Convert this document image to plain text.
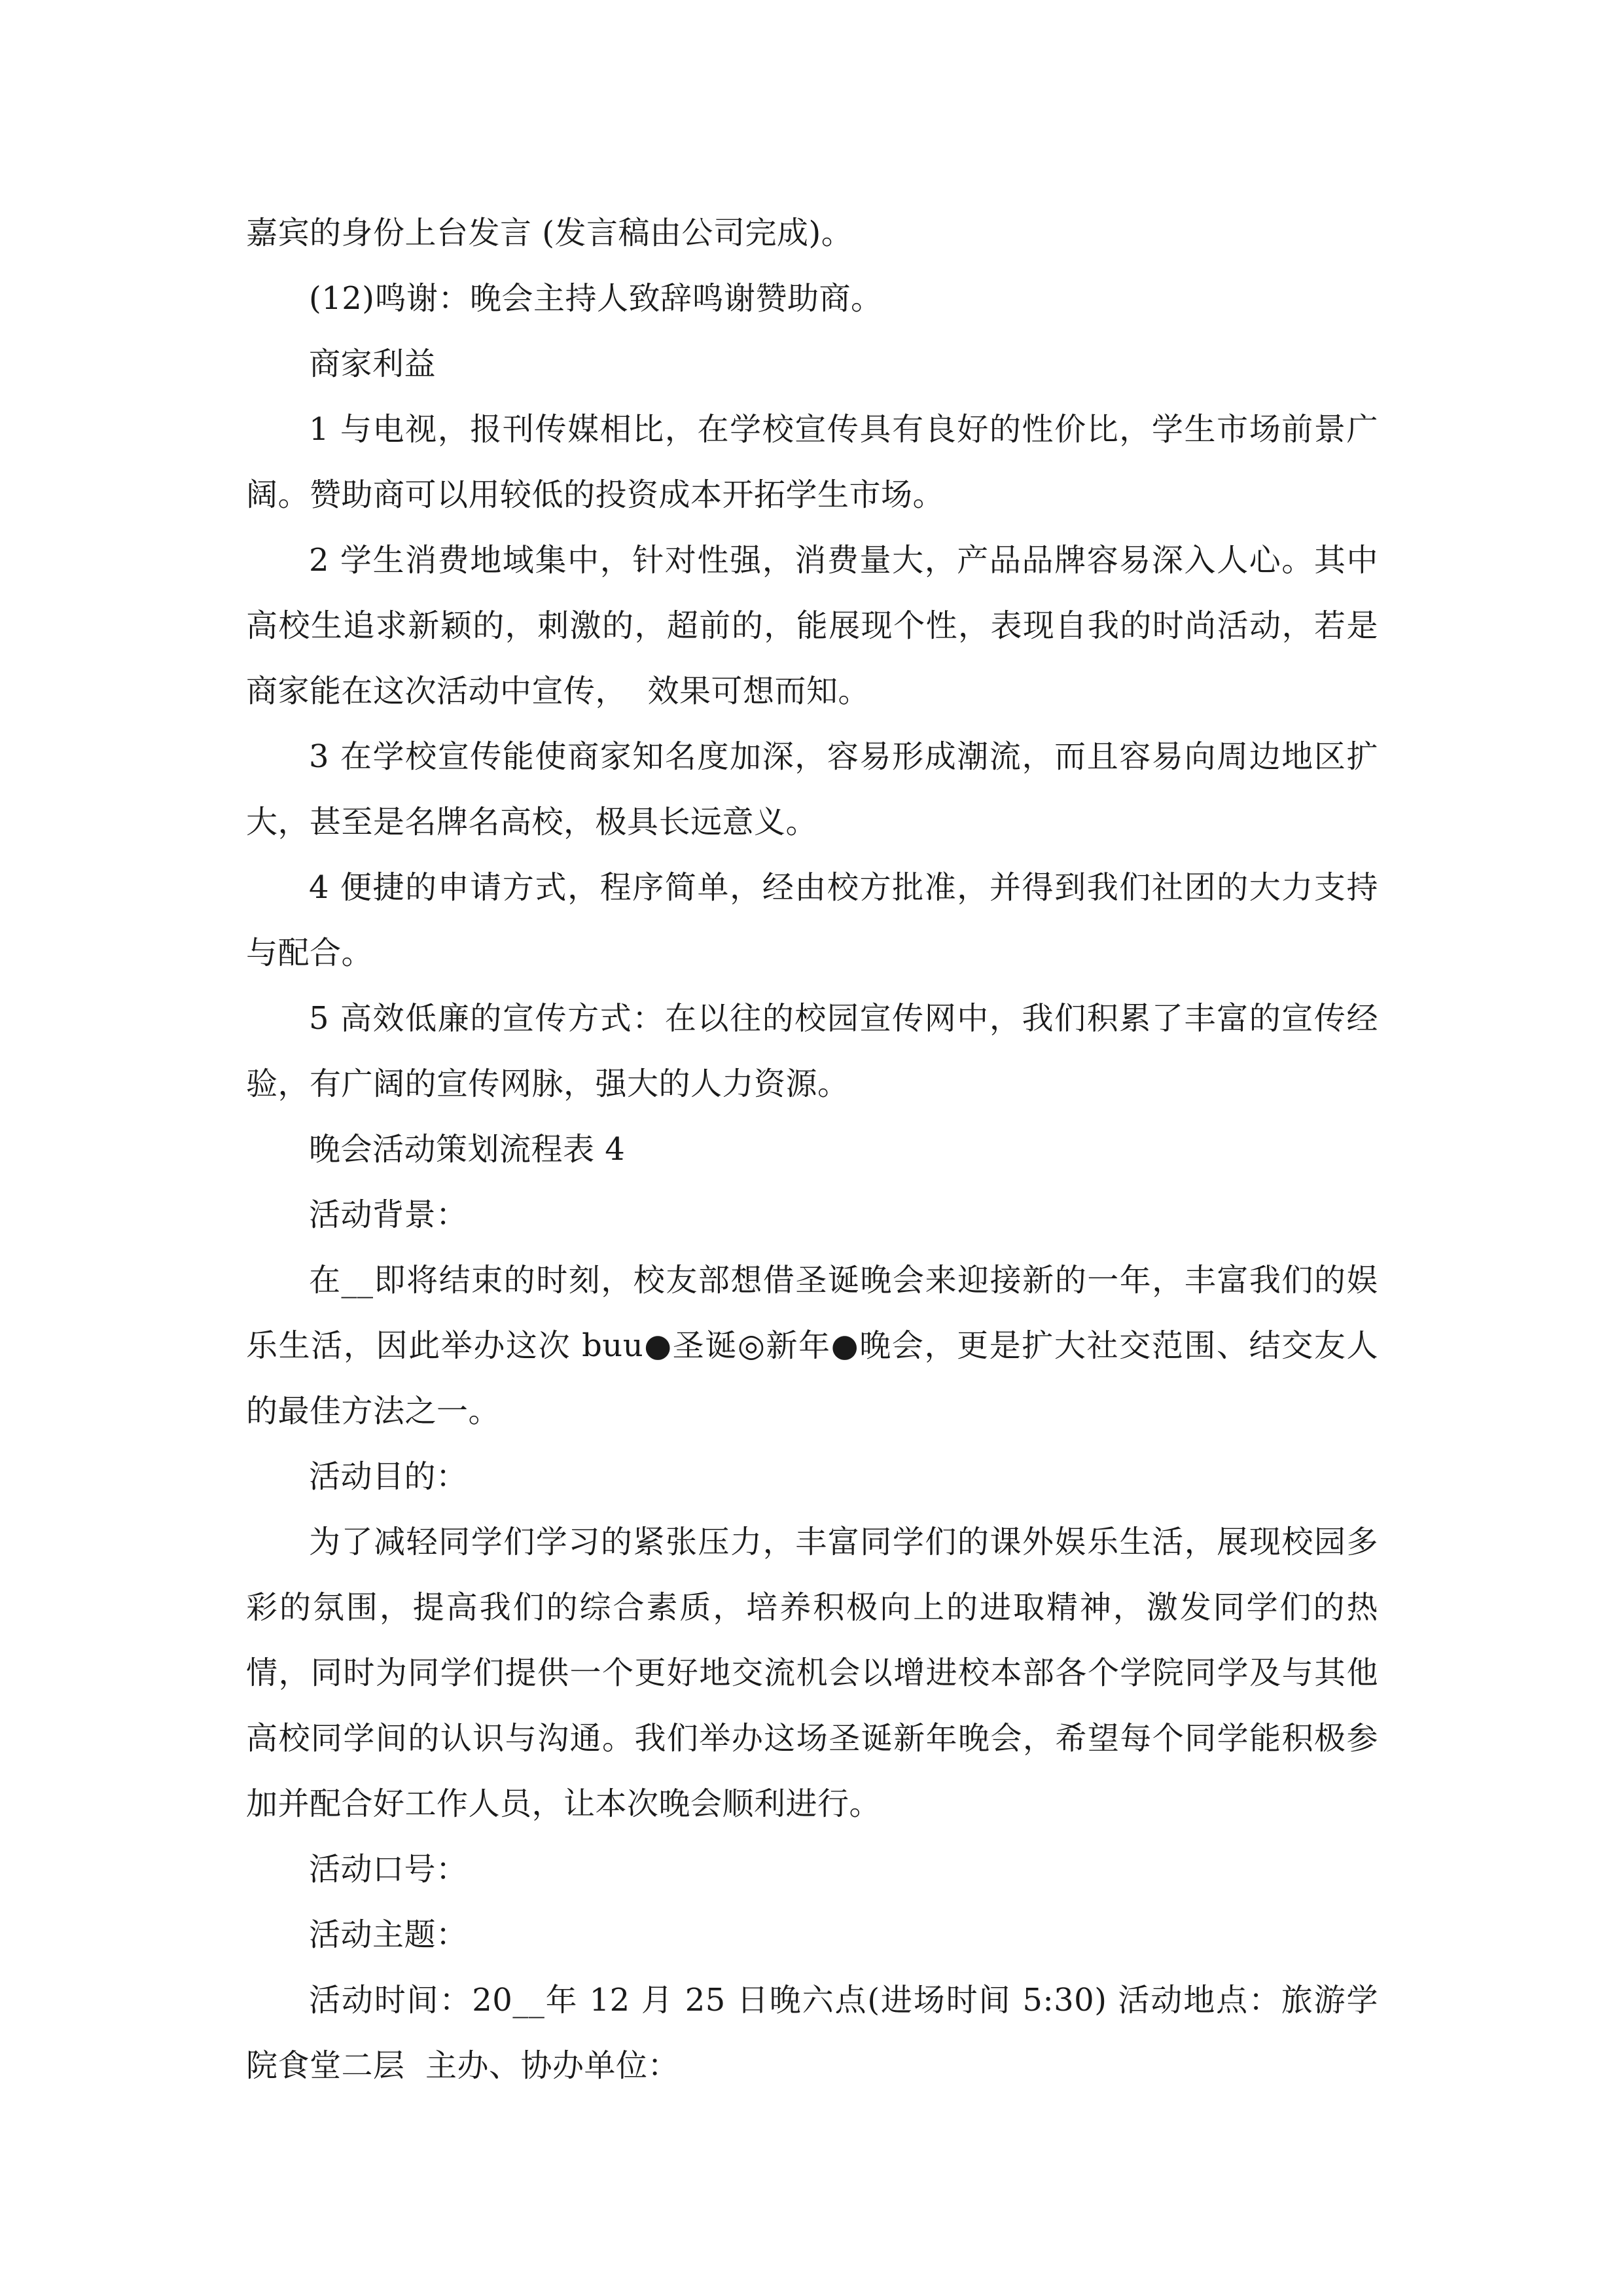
嘉宾的身份上台发言 (发言稿由公司完成)。

(12)鸣谢：晚会主持人致辞鸣谢赞助商。

商家利益

1 与电视，报刊传媒相比，在学校宣传具有良好的性价比，学生市场前景广阔。赞助商可以用较低的投资成本开拓学生市场。

2 学生消费地域集中，针对性强，消费量大，产品品牌容易深入人心。其中高校生追求新颖的，刺激的，超前的，能展现个性，表现自我的时尚活动，若是商家能在这次活动中宣传，  效果可想而知。

3 在学校宣传能使商家知名度加深，容易形成潮流，而且容易向周边地区扩大，甚至是名牌名高校，极具长远意义。

4 便捷的申请方式，程序简单，经由校方批准，并得到我们社团的大力支持与配合。

5 高效低廉的宣传方式：在以往的校园宣传网中，我们积累了丰富的宣传经验，有广阔的宣传网脉，强大的人力资源。

晚会活动策划流程表 4

活动背景：

在__即将结束的时刻，校友部想借圣诞晚会来迎接新的一年，丰富我们的娱乐生活，因此举办这次 buu●圣诞◎新年●晚会，更是扩大社交范围、结交友人的最佳方法之一。

活动目的：

为了减轻同学们学习的紧张压力，丰富同学们的课外娱乐生活，展现校园多彩的氛围，提高我们的综合素质，培养积极向上的进取精神，激发同学们的热情，同时为同学们提供一个更好地交流机会以增进校本部各个学院同学及与其他高校同学间的认识与沟通。我们举办这场圣诞新年晚会，希望每个同学能积极参加并配合好工作人员，让本次晚会顺利进行。

活动口号：

活动主题：

活动时间：20__年 12 月 25 日晚六点(进场时间 5:30) 活动地点：旅游学院食堂二层  主办、协办单位：
